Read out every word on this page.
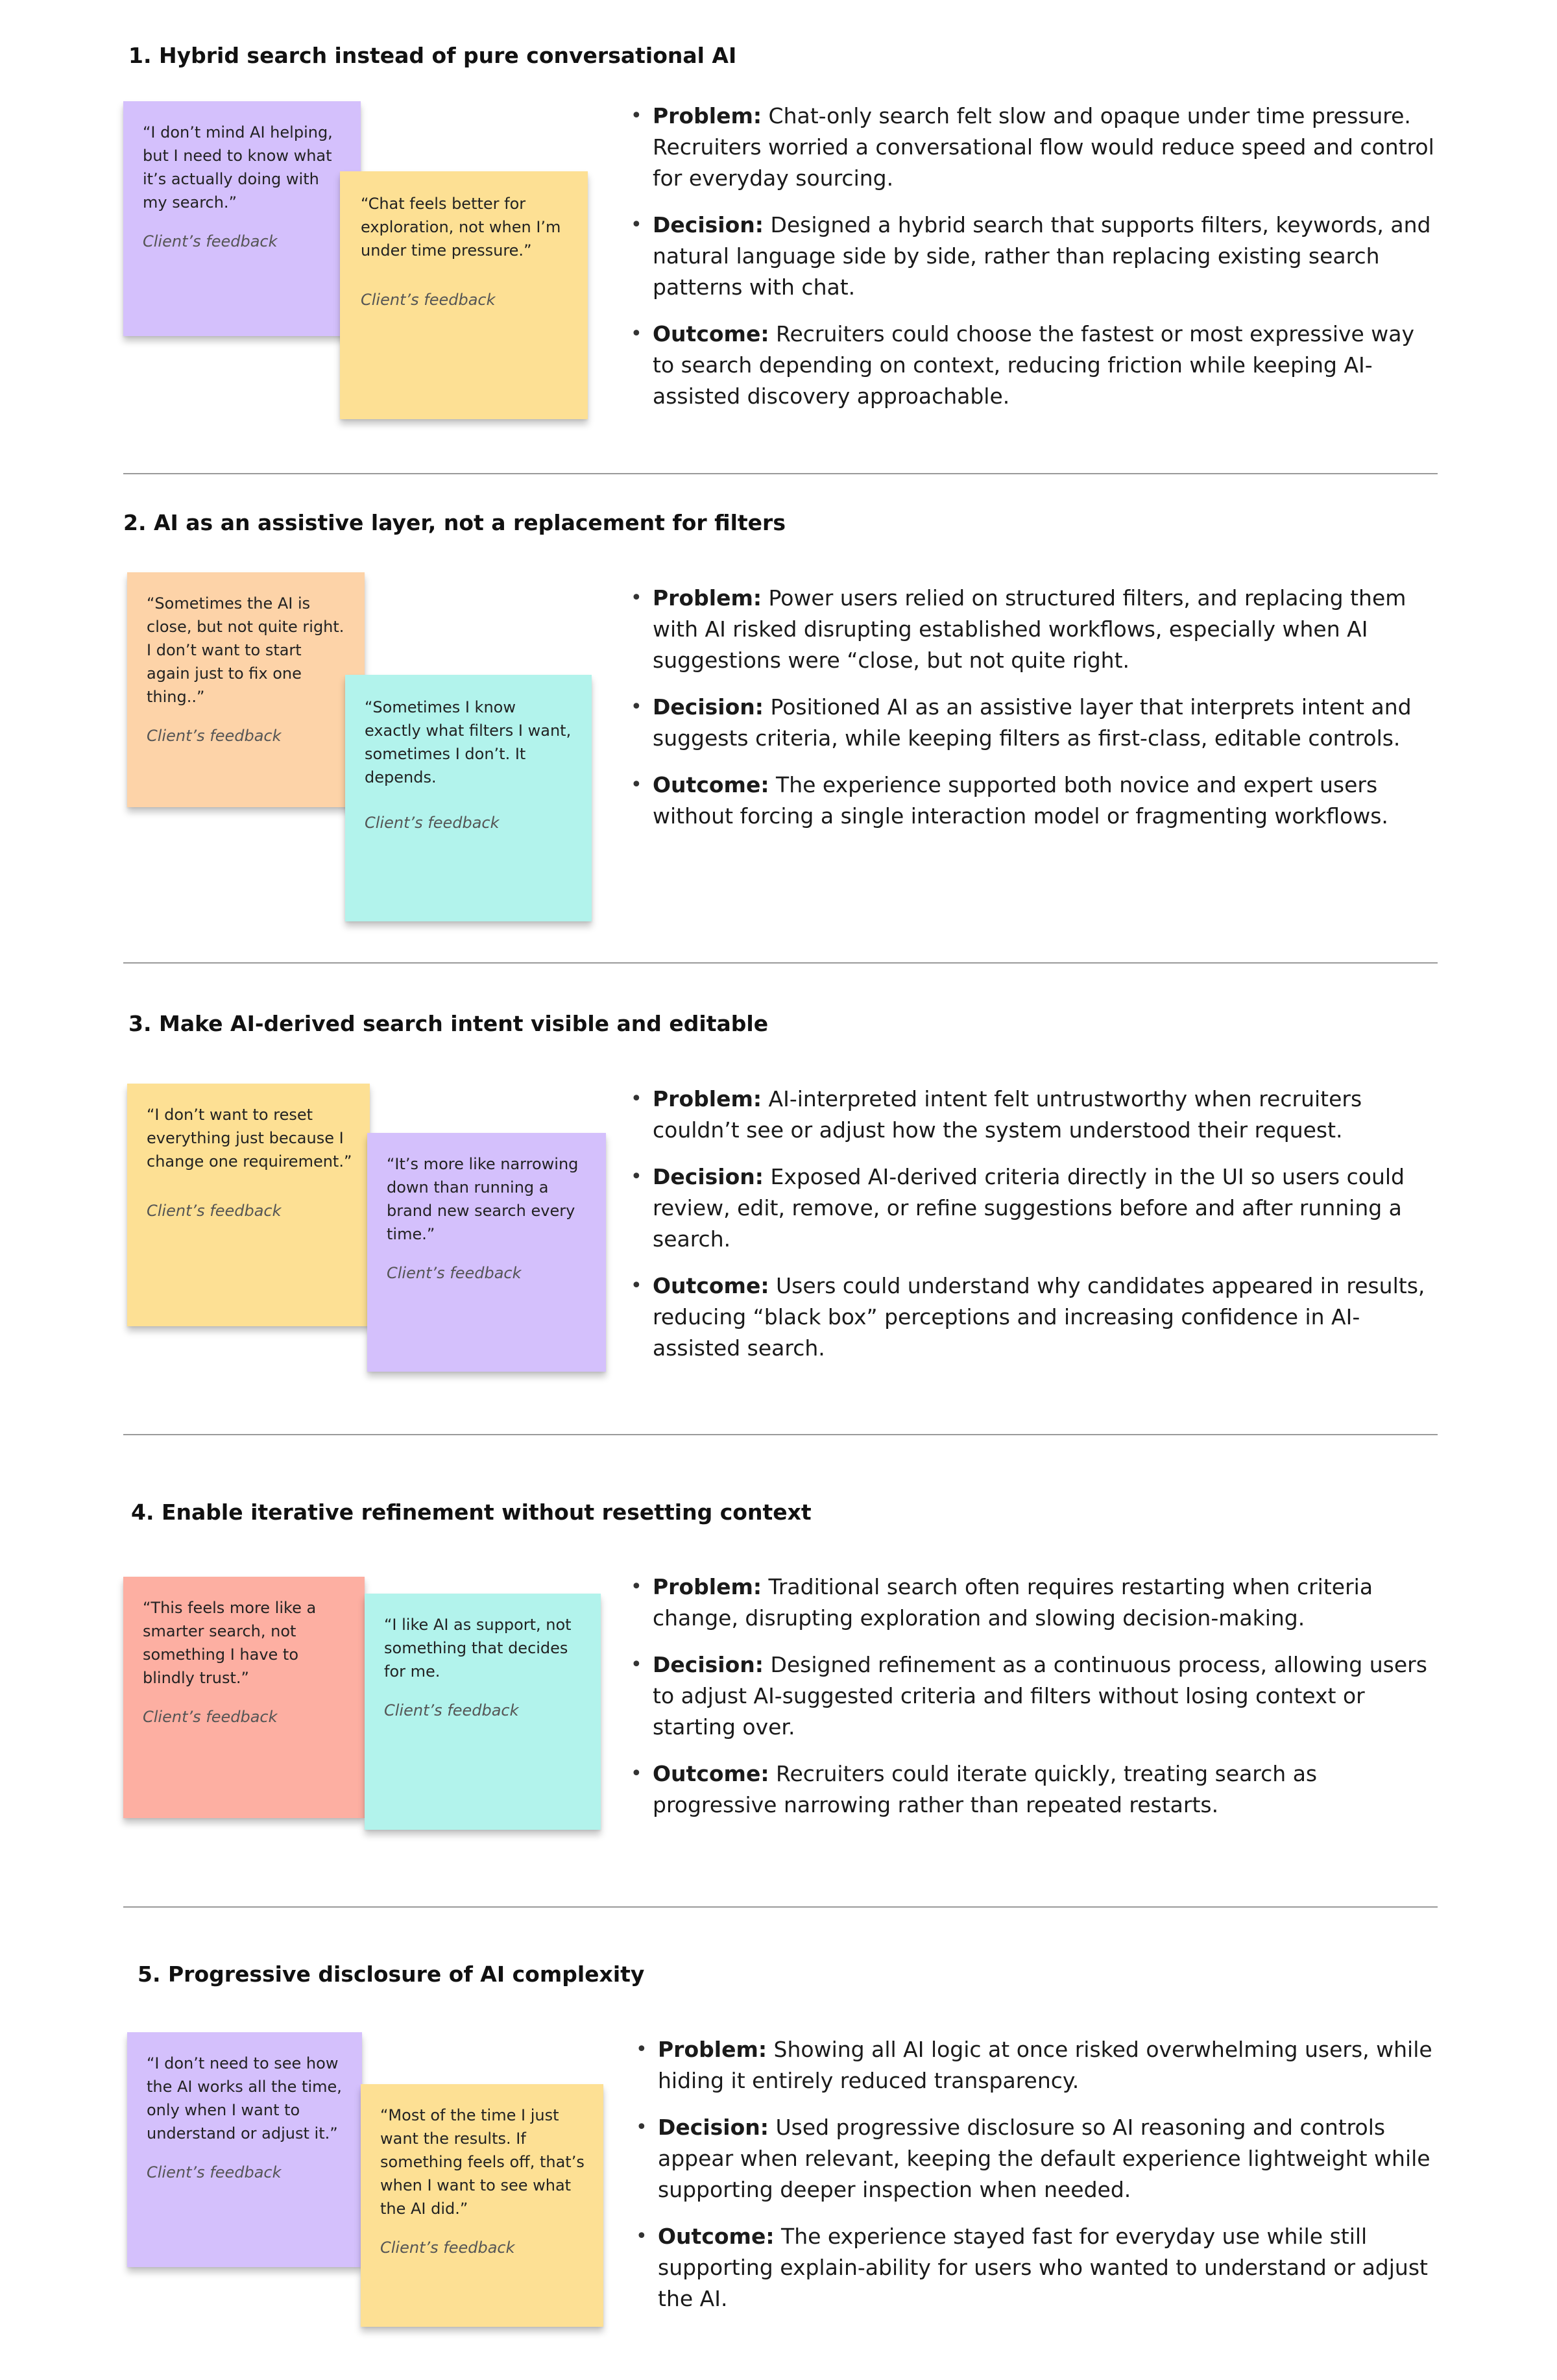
1. Hybrid search instead of pure conversational AI
“I don’t mind AI helping, but I need to know what it’s actually doing with my search.”
Client’s feedback
“Chat feels better for exploration, not when I’m under time pressure.”
Client’s feedback
• Problem: Chat-only search felt slow and opaque under time pressure. Recruiters worried a conversational flow would reduce speed and control for everyday sourcing.
• Decision: Designed a hybrid search that supports filters, keywords, and natural language side by side, rather than replacing existing search patterns with chat.
• Outcome: Recruiters could choose the fastest or most expressive way to search depending on context, reducing friction while keeping AI-assisted discovery approachable.
2. AI as an assistive layer, not a replacement for filters
“Sometimes the AI is close, but not quite right. I don’t want to start again just to fix one thing..”
Client’s feedback
“Sometimes I know exactly what filters I want, sometimes I don’t. It depends.
Client’s feedback
• Problem: Power users relied on structured filters, and replacing them with AI risked disrupting established workflows, especially when AI suggestions were “close, but not quite right.
• Decision: Positioned AI as an assistive layer that interprets intent and suggests criteria, while keeping filters as first-class, editable controls.
• Outcome: The experience supported both novice and expert users without forcing a single interaction model or fragmenting workflows.
3. Make AI-derived search intent visible and editable
“I don’t want to reset everything just because I change one requirement.”
Client’s feedback
“It’s more like narrowing down than running a brand new search every time.”
Client’s feedback
• Problem: AI-interpreted intent felt untrustworthy when recruiters couldn’t see or adjust how the system understood their request.
• Decision: Exposed AI-derived criteria directly in the UI so users could review, edit, remove, or refine suggestions before and after running a search.
• Outcome: Users could understand why candidates appeared in results, reducing “black box” perceptions and increasing confidence in AI-assisted search.
4. Enable iterative refinement without resetting context
“This feels more like a smarter search, not something I have to blindly trust.”
Client’s feedback
“I like AI as support, not something that decides for me.
Client’s feedback
• Problem: Traditional search often requires restarting when criteria change, disrupting exploration and slowing decision-making.
• Decision: Designed refinement as a continuous process, allowing users to adjust AI-suggested criteria and filters without losing context or starting over.
• Outcome: Recruiters could iterate quickly, treating search as progressive narrowing rather than repeated restarts.
5. Progressive disclosure of AI complexity
“I don’t need to see how the AI works all the time, only when I want to understand or adjust it.”
Client’s feedback
“Most of the time I just want the results. If something feels off, that’s when I want to see what the AI did.”
Client’s feedback
• Problem: Showing all AI logic at once risked overwhelming users, while hiding it entirely reduced transparency.
• Decision: Used progressive disclosure so AI reasoning and controls appear when relevant, keeping the default experience lightweight while supporting deeper inspection when needed.
• Outcome: The experience stayed fast for everyday use while still supporting explain-ability for users who wanted to understand or adjust the AI.
